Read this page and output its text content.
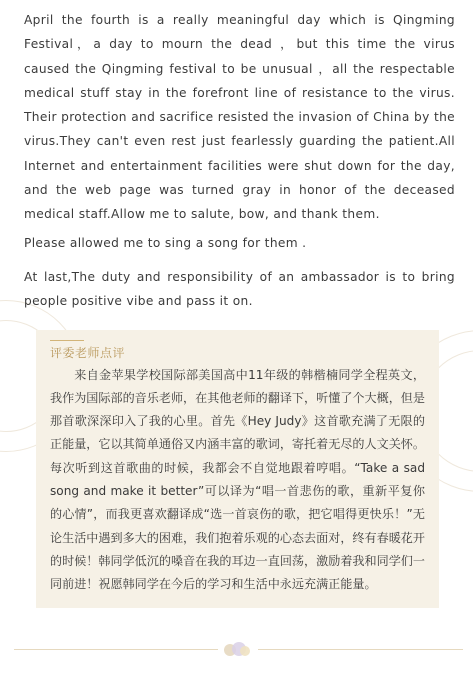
April the fourth is a really meaningful day which is Qingming Festival，a day to mourn the dead ，but this time the virus caused the Qingming festival to be unusual ，all the respectable medical stuff stay in the forefront line of resistance to the virus. Their protection and sacrifice resisted the invasion of China by the virus.They can't even rest just fearlessly guarding the patient.All Internet and entertainment facilities were shut down for the day, and the web page was turned gray in honor of the deceased medical staff.Allow me to salute, bow, and thank them.

Please allowed me to sing a song for them .

At last,The duty and responsibility of an ambassador is to bring people positive vibe and pass it on.

评委老师点评
来自金苹果学校国际部美国高中11年级的韩楷楠同学全程英文，我作为国际部的音乐老师，在其他老师的翻译下，听懂了个大概，但是那首歌深深印入了我的心里。首先《Hey Judy》这首歌充满了无限的正能量，它以其简单通俗又内涵丰富的歌词，寄托着无尽的人文关怀。每次听到这首歌曲的时候，我都会不自觉地跟着哼唱。“Take a sad song and make it better”可以译为“唱一首悲伤的歌，重新平复你的心情”，而我更喜欢翻译成“选一首哀伤的歌，把它唱得更快乐！”无论生活中遇到多大的困难，我们抱着乐观的心态去面对，终有春暖花开的时候！韩同学低沉的嗓音在我的耳边一直回荡，激励着我和同学们一同前进！祝愿韩同学在今后的学习和生活中永远充满正能量。
